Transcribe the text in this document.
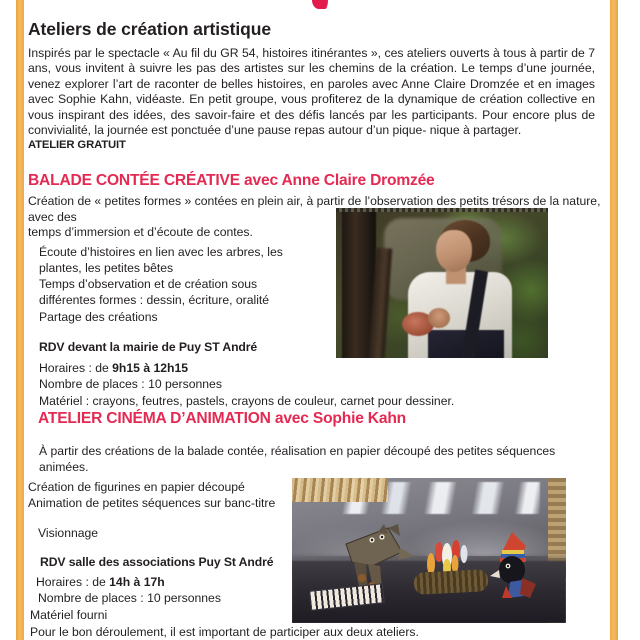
Ateliers de création artistique

Inspirés par le spectacle « Au fil du GR 54, histoires itinérantes », ces ateliers ouverts à tous à partir de 7 ans, vous invitent à suivre les pas des artistes sur les chemins de la création. Le temps d’une journée, venez explorer l’art de raconter de belles histoires, en paroles avec Anne Claire Dromzée et en images avec Sophie Kahn, vidéaste. En petit groupe, vous profiterez de la dynamique de création collective en vous inspirant des idées, des savoir-faire et des défis lancés par les participants. Pour encore plus de convivialité, la journée est ponctuée d’une pause repas autour d’un pique- nique à partager.

ATELIER GRATUIT
BALADE CONTÉE CRÉATIVE avec Anne Claire Dromzée
Création de « petites formes » contées en plein air, à partir de l’observation des petits trésors de la nature, avec des
temps d’immersion et d’écoute de contes.
Écoute d’histoires en lien avec les arbres, les
plantes, les petites bêtes
Temps d’observation et de création sous
différentes formes : dessin, écriture, oralité
Partage des créations
RDV devant la mairie de Puy ST André
Horaires : de 9h15 à 12h15
Nombre de places : 10 personnes
Matériel : crayons, feutres, pastels, crayons de couleur, carnet pour dessiner.
ATELIER CINÉMA D’ANIMATION avec Sophie Kahn
À partir des créations de la balade contée, réalisation en papier découpé des petites séquences
animées.
Création de figurines en papier découpé
Animation de petites séquences sur banc-titre
Visionnage
RDV salle des associations Puy St André
Horaires : de 14h à 17h
Nombre de places : 10 personnes
Matériel fourni
Pour le bon déroulement, il est important de participer aux deux ateliers.
